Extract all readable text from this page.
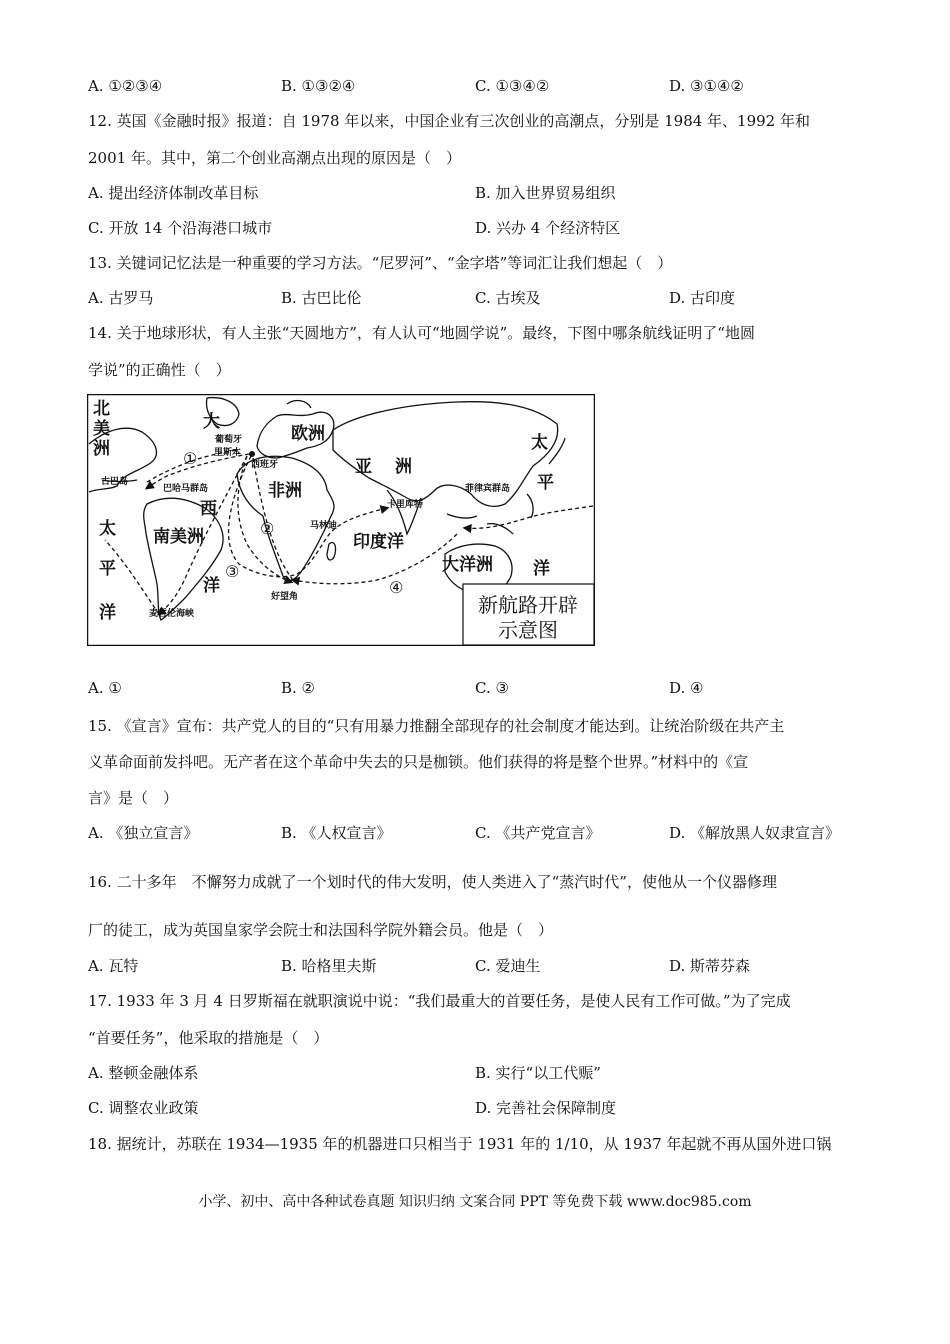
A. ①②③④	B. ①③②④	C. ①③④②	D. ③①④②
12. 英国《金融时报》报道：自 1978 年以来，中国企业有三次创业的高潮点，分别是 1984 年、1992 年和
2001 年。其中，第二个创业高潮点出现的原因是（　）
A. 提出经济体制改革目标	B. 加入世界贸易组织
C. 开放 14 个沿海港口城市	D. 兴办 4 个经济特区
13. 关键词记忆法是一种重要的学习方法。“尼罗河”、“金字塔”等词汇让我们想起（　）
A. 古罗马	B. 古巴比伦	C. 古埃及	D. 古印度
14. 关于地球形状，有人主张“天圆地方”，有人认可“地圆学说”。最终，下图中哪条航线证明了“地圆
学说”的正确性（　）
北
美
洲
大
西
洋
欧洲
非洲
亚 洲
南美洲	印度洋
大洋洲
太
平
洋
太
平
洋
葡萄牙
里斯本
西班牙
古巴岛
巴哈马群岛
马林迪
卡里库特
菲律宾群岛
好望角
麦哲伦海峡
①
②
③
④
新航路开辟
示意图
A. ①	B. ②	C. ③	D. ④
15. 《宣言》宣布：共产党人的目的“只有用暴力推翻全部现存的社会制度才能达到。让统治阶级在共产主
义革命面前发抖吧。无产者在这个革命中失去的只是枷锁。他们获得的将是整个世界。”材料中的《宣
言》是（　）
A. 《独立宣言》	B. 《人权宣言》	C. 《共产党宣言》	D. 《解放黑人奴隶宣言》
16. 二十多年　不懈努力成就了一个划时代的伟大发明，使人类进入了“蒸汽时代”，使他从一个仪器修理
厂的徒工，成为英国皇家学会院士和法国科学院外籍会员。他是（　）
A. 瓦特	B. 哈格里夫斯	C. 爱迪生	D. 斯蒂芬森
17. 1933 年 3 月 4 日罗斯福在就职演说中说：“我们最重大的首要任务，是使人民有工作可做。”为了完成
“首要任务”，他采取的措施是（　）
A. 整顿金融体系	B. 实行“以工代赈”
C. 调整农业政策	D. 完善社会保障制度
18. 据统计，苏联在 1934—1935 年的机器进口只相当于 1931 年的 1/10，从 1937 年起就不再从国外进口锅
小学、初中、高中各种试卷真题 知识归纳 文案合同 PPT 等免费下载 www.doc985.com
